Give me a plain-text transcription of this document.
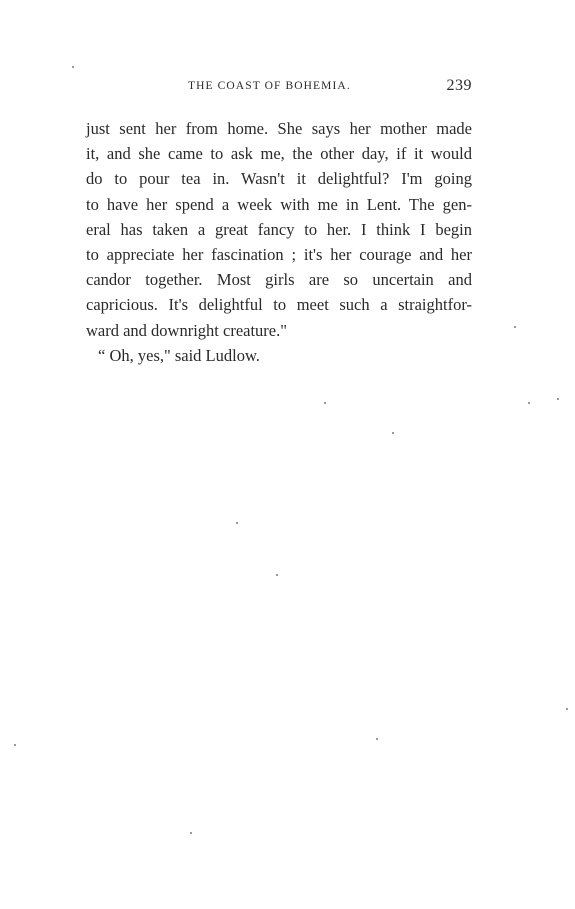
THE COAST OF BOHEMIA.	239
just sent her from home. She says her mother made
it, and she came to ask me, the other day, if it would
do to pour tea in. Wasn't it delightful? I'm going
to have her spend a week with me in Lent. The gen-
eral has taken a great fancy to her. I think I begin
to appreciate her fascination ; it's her courage and her
candor together. Most girls are so uncertain and
capricious. It's delightful to meet such a straightfor-
ward and downright creature."
“ Oh, yes," said Ludlow.
